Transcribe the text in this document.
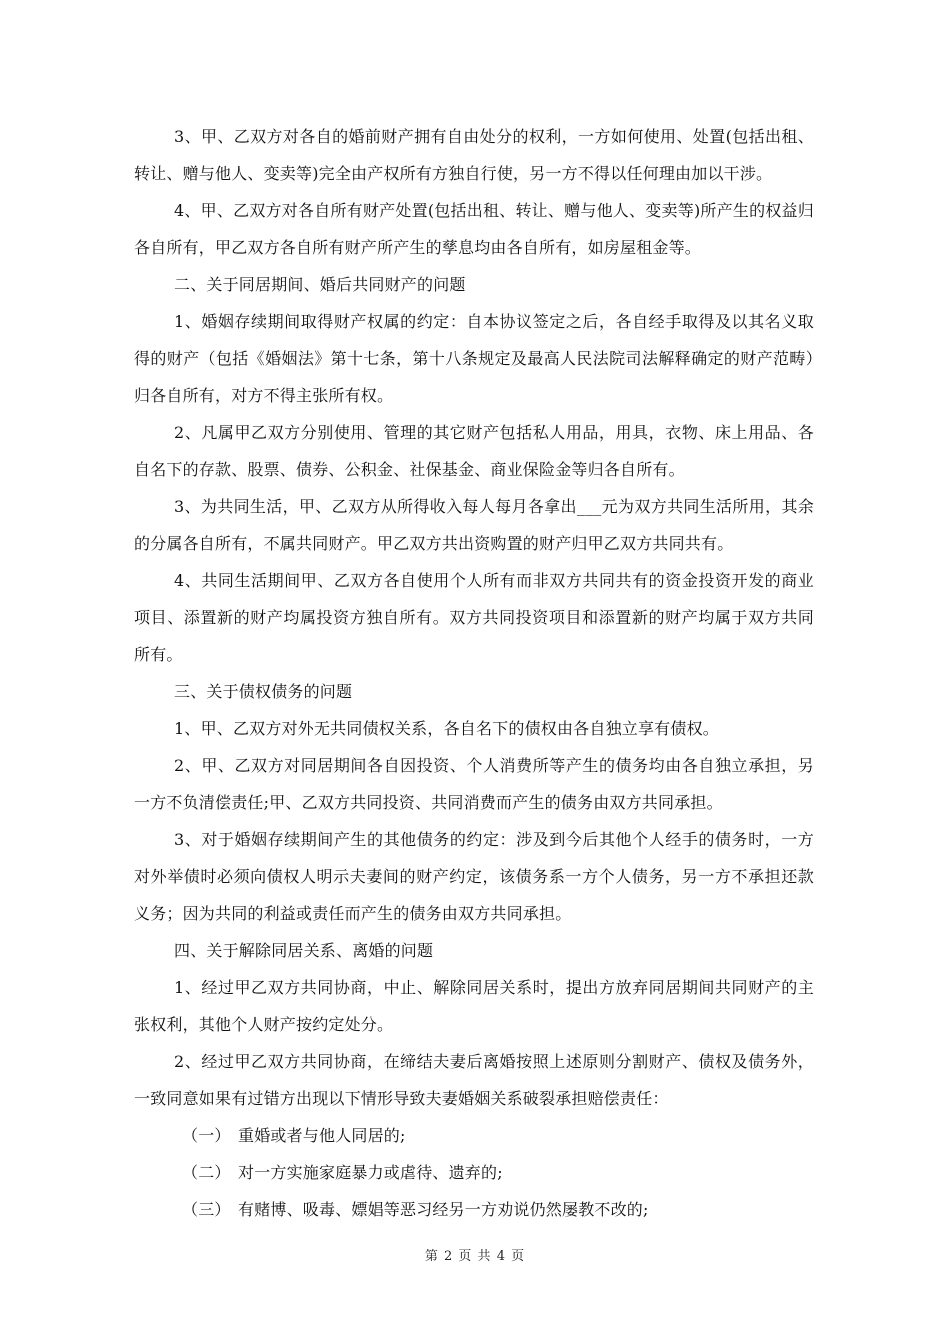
3、甲、乙双方对各自的婚前财产拥有自由处分的权利，一方如何使用、处置(包括出租、转让、赠与他人、变卖等)完全由产权所有方独自行使，另一方不得以任何理由加以干涉。

4、甲、乙双方对各自所有财产处置(包括出租、转让、赠与他人、变卖等)所产生的权益归各自所有，甲乙双方各自所有财产所产生的孳息均由各自所有，如房屋租金等。

二、关于同居期间、婚后共同财产的问题

1、婚姻存续期间取得财产权属的约定：自本协议签定之后，各自经手取得及以其名义取得的财产（包括《婚姻法》第十七条，第十八条规定及最高人民法院司法解释确定的财产范畴）归各自所有，对方不得主张所有权。

2、凡属甲乙双方分别使用、管理的其它财产包括私人用品，用具，衣物、床上用品、各自名下的存款、股票、债券、公积金、社保基金、商业保险金等归各自所有。

3、为共同生活，甲、乙双方从所得收入每人每月各拿出___元为双方共同生活所用，其余的分属各自所有，不属共同财产。甲乙双方共出资购置的财产归甲乙双方共同共有。

4、共同生活期间甲、乙双方各自使用个人所有而非双方共同共有的资金投资开发的商业项目、添置新的财产均属投资方独自所有。双方共同投资项目和添置新的财产均属于双方共同所有。

三、关于债权债务的问题

1、甲、乙双方对外无共同债权关系，各自名下的债权由各自独立享有债权。

2、甲、乙双方对同居期间各自因投资、个人消费所等产生的债务均由各自独立承担，另一方不负清偿责任;甲、乙双方共同投资、共同消费而产生的债务由双方共同承担。

3、对于婚姻存续期间产生的其他债务的约定：涉及到今后其他个人经手的债务时，一方对外举债时必须向债权人明示夫妻间的财产约定，该债务系一方个人债务，另一方不承担还款义务；因为共同的利益或责任而产生的债务由双方共同承担。

四、关于解除同居关系、离婚的问题

1、经过甲乙双方共同协商，中止、解除同居关系时，提出方放弃同居期间共同财产的主张权利，其他个人财产按约定处分。

2、经过甲乙双方共同协商，在缔结夫妻后离婚按照上述原则分割财产、债权及债务外，一致同意如果有过错方出现以下情形导致夫妻婚姻关系破裂承担赔偿责任：

（一） 重婚或者与他人同居的;

（二） 对一方实施家庭暴力或虐待、遗弃的;

（三） 有赌博、吸毒、嫖娼等恶习经另一方劝说仍然屡教不改的;

第 2 页 共 4 页
